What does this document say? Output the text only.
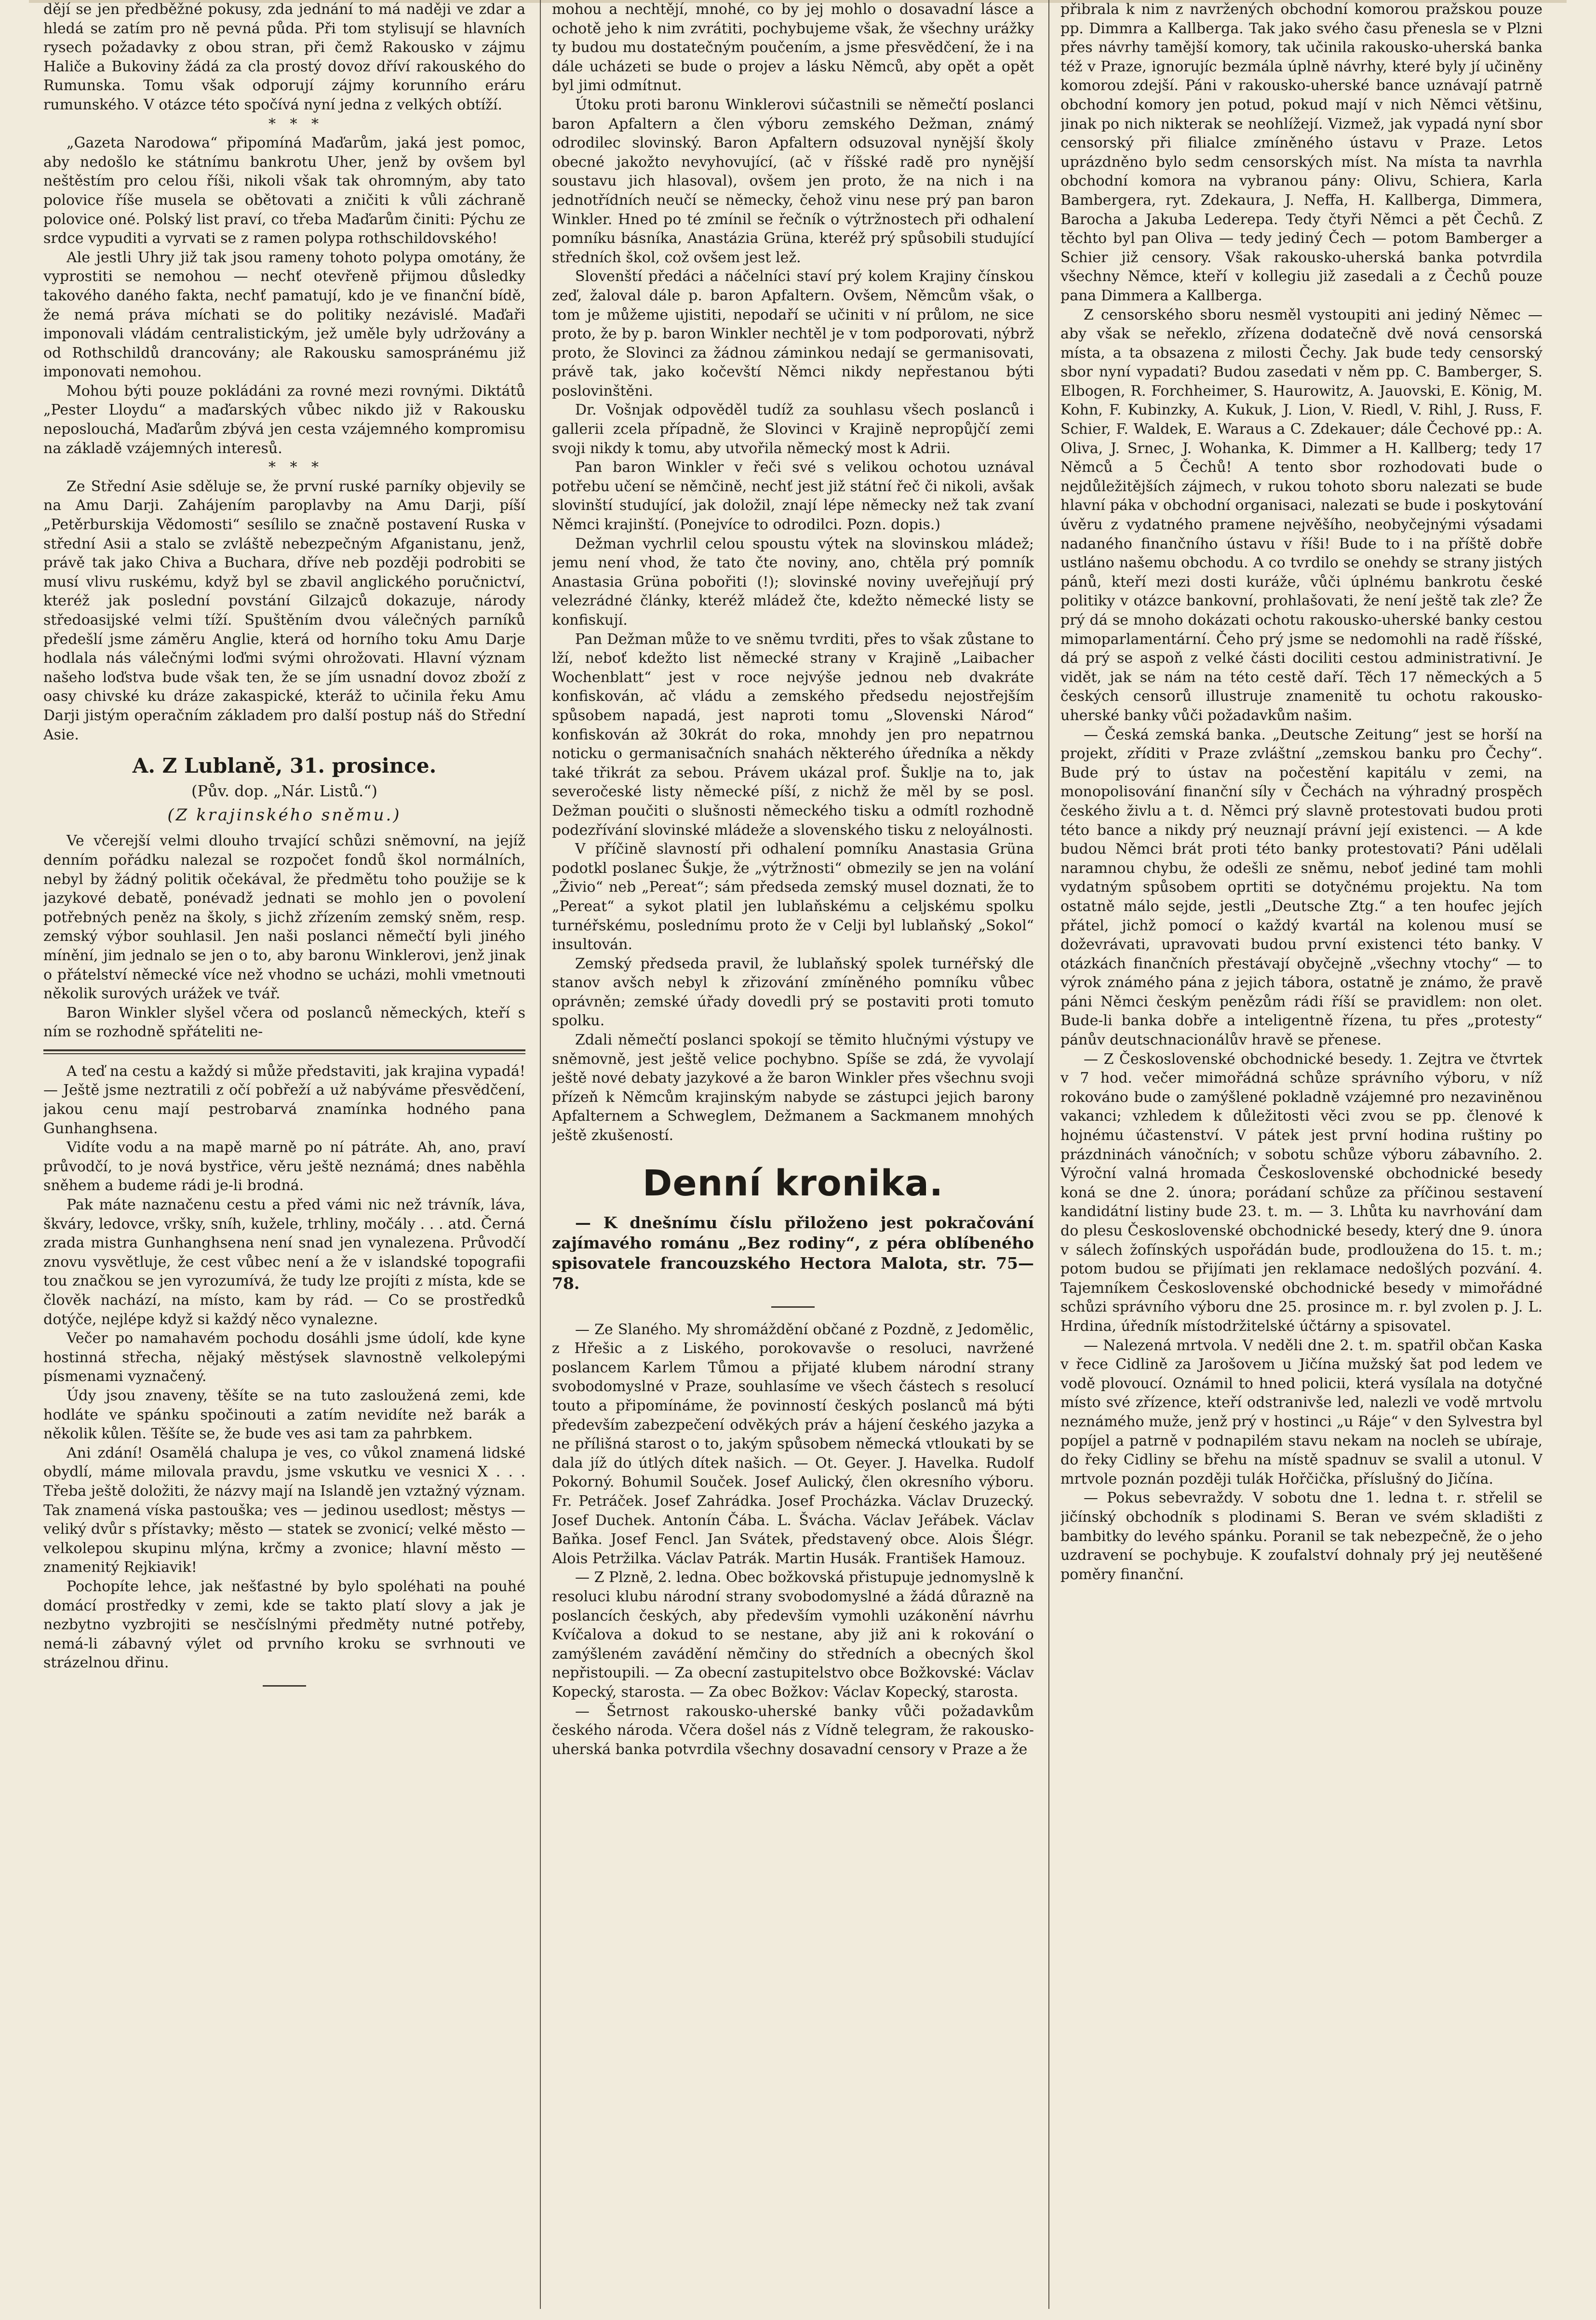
dějí se jen předběžné pokusy, zda jednání to má naději ve zdar a hledá se zatím pro ně pevná půda. Při tom stylisují se hlavních rysech požadavky z obou stran, při čemž Rakousko v zájmu Haliče a Bukoviny žádá za cla prostý dovoz dříví rakouského do Rumunska. Tomu však odporují zájmy korunního eráru rumunského. V otázce této spočívá nyní jedna z velkých obtíží.

* * *

„Gazeta Narodowa“ připomíná Maďarům, jaká jest pomoc, aby nedošlo ke státnímu bankrotu Uher, jenž by ovšem byl neštěstím pro celou říši, nikoli však tak ohromným, aby tato polovice říše musela se obětovati a zničiti k vůli záchraně polovice oné. Polský list praví, co třeba Maďarům činiti: Pýchu ze srdce vypuditi a vyrvati se z ramen polypa rothschildovského!

Ale jestli Uhry již tak jsou rameny tohoto polypa omotány, že vyprostiti se nemohou — nechť otevřeně přijmou důsledky takového daného fakta, nechť pamatují, kdo je ve finanční bídě, že nemá práva míchati se do politiky nezávislé. Maďaři imponovali vládám centralistickým, jež uměle byly udržovány a od Rothschildů drancovány; ale Rakousku samospránému již imponovati nemohou.

Mohou býti pouze pokládáni za rovné mezi rovnými. Diktátů „Pester Lloydu“ a maďarských vůbec nikdo již v Rakousku neposlouchá, Maďarům zbývá jen cesta vzájemného kompromisu na základě vzájemných interesů.

* * *

Ze Střední Asie sděluje se, že první ruské parníky objevily se na Amu Darji. Zahájením paroplavby na Amu Darji, píší „Petěrburskija Vědomosti“ sesílilo se značně postavení Ruska v střední Asii a stalo se zvláště nebezpečným Afganistanu, jenž, právě tak jako Chiva a Buchara, dříve neb později podrobiti se musí vlivu ruskému, když byl se zbavil anglického poručnictví, kteréž jak poslední povstání Gilzajců dokazuje, národy středoasijské velmi tíží. Spuštěním dvou válečných parníků předešlí jsme záměru Anglie, která od horního toku Amu Darje hodlala nás válečnými loďmi svými ohrožovati. Hlavní význam našeho loďstva bude však ten, že se jím usnadní dovoz zboží z oasy chivské ku dráze zakaspické, kteráž to učinila řeku Amu Darji jistým operačním základem pro další postup náš do Střední Asie.

A. Z Lublaně, 31. prosince.
(Pův. dop. „Nár. Listů.“)
(Z krajinského sněmu.)

Ve včerejší velmi dlouho trvající schůzi sněmovní, na jejíž denním pořádku nalezal se rozpočet fondů škol normálních, nebyl by žádný politik očekával, že předmětu toho použije se k jazykové debatě, ponévadž jednati se mohlo jen o povolení potřebných peněz na školy, s jichž zřízením zemský sněm, resp. zemský výbor souhlasil. Jen naši poslanci němečtí byli jiného mínění, jim jednalo se jen o to, aby baronu Winklerovi, jenž jinak o přátelství německé více než vhodno se ucházi, mohli vmetnouti několik surových urážek ve tvář.

Baron Winkler slyšel včera od poslanců německých, kteří s ním se rozhodně spřáteliti ne-

A teď na cestu a každý si může představiti, jak krajina vypadá! — Ještě jsme neztratili z očí pobřeží a už nabýváme přesvědčení, jakou cenu mají pestrobarvá znamínka hodného pana Gunhanghsena.

Vidíte vodu a na mapě marně po ní pátráte. Ah, ano, praví průvodčí, to je nová bystřice, věru ještě neznámá; dnes naběhla sněhem a budeme rádi je-li brodná.

Pak máte naznačenu cestu a před vámi nic než trávník, láva, škváry, ledovce, vršky, sníh, kužele, trhliny, močály . . . atd. Černá zrada mistra Gunhanghsena není snad jen vynalezena. Průvodčí znovu vysvětluje, že cest vůbec není a že v islandské topografii tou značkou se jen vyrozumívá, že tudy lze projíti z místa, kde se člověk nachází, na místo, kam by rád. — Co se prostředků dotýče, nejlépe když si každý něco vynalezne.

Večer po namahavém pochodu dosáhli jsme údolí, kde kyne hostinná střecha, nějaký městýsek slavnostně velkolepými písmenami vyznačený.

Údy jsou znaveny, těšíte se na tuto zasloužená zemi, kde hodláte ve spánku spočinouti a zatím nevidíte než barák a několik kůlen. Těšíte se, že bude ves asi tam za pahrbkem.

Ani zdání! Osamělá chalupa je ves, co vůkol znamená lidské obydlí, máme milovala pravdu, jsme vskutku ve vesnici X . . . Třeba ještě doložiti, že názvy mají na Islandě jen vztažný význam. Tak znamená víska pastouška; ves — jedinou usedlost; městys — veliký dvůr s přístavky; město — statek se zvonicí; velké město — velkolepou skupinu mlýna, krčmy a zvonice; hlavní město — znamenitý Rejkiavik!

Pochopíte lehce, jak nešťastné by bylo spoléhati na pouhé domácí prostředky v zemi, kde se takto platí slovy a jak je nezbytno vyzbrojiti se nesčíslnými předměty nutné potřeby, nemá-li zábavný výlet od prvního kroku se svrhnouti ve strázelnou dřinu.

mohou a nechtějí, mnohé, co by jej mohlo o dosavadní lásce a ochotě jeho k nim zvrátiti, pochybujeme však, že všechny urážky ty budou mu dostatečným poučením, a jsme přesvědčení, že i na dále ucházeti se bude o projev a lásku Němců, aby opět a opět byl jimi odmítnut.

Útoku proti baronu Winklerovi súčastnili se němečtí poslanci baron Apfaltern a člen výboru zemského Dežman, známý odrodilec slovinský. Baron Apfaltern odsuzoval nynější školy obecné jakožto nevyhovující, (ač v říšské radě pro nynější soustavu jich hlasoval), ovšem jen proto, že na nich i na jednotřídních neučí se německy, čehož vinu nese prý pan baron Winkler. Hned po té zmínil se řečník o výtržnostech při odhalení pomníku básníka, Anastázia Grüna, kteréž prý spůsobili studující středních škol, což ovšem jest lež.

Slovenští předáci a náčelníci staví prý kolem Krajiny čínskou zeď, žaloval dále p. baron Apfaltern. Ovšem, Němcům však, o tom je můžeme ujistiti, nepodaří se učiniti v ní průlom, ne sice proto, že by p. baron Winkler nechtěl je v tom podporovati, nýbrž proto, že Slovinci za žádnou záminkou nedají se germanisovati, právě tak, jako kočevští Němci nikdy nepřestanou býti poslovinštěni.

Dr. Vošnjak odpověděl tudíž za souhlasu všech poslanců i gallerii zcela případně, že Slovinci v Krajině nepropůjčí zemi svoji nikdy k tomu, aby utvořila německý most k Adrii.

Pan baron Winkler v řeči své s velikou ochotou uznával potřebu učení se němčině, nechť jest již státní řeč či nikoli, avšak slovinští studující, jak doložil, znají lépe německy než tak zvaní Němci krajinští. (Ponejvíce to odrodilci. Pozn. dopis.)

Dežman vychrlil celou spoustu výtek na slovinskou mládež; jemu není vhod, že tato čte noviny, ano, chtěla prý pomník Anastasia Grüna pobořiti (!); slovinské noviny uveřejňují prý velezrádné články, kteréž mládež čte, kdežto německé listy se konfiskují.

Pan Dežman může to ve sněmu tvrditi, přes to však zůstane to lží, neboť kdežto list německé strany v Krajině „Laibacher Wochenblatt“ jest v roce nejvýše jednou neb dvakráte konfiskován, ač vládu a zemského předsedu nejostřejším spůsobem napadá, jest naproti tomu „Slovenski Národ“ konfiskován až 30krát do roka, mnohdy jen pro nepatrnou noticku o germanisačních snahách některého úředníka a někdy také třikrát za sebou. Právem ukázal prof. Šuklje na to, jak severočeské listy německé píší, z nichž že měl by se posl. Dežman poučiti o slušnosti německého tisku a odmítl rozhodně podezřívání slovinské mládeže a slovenského tisku z neloyálnosti.

V příčině slavností při odhalení pomníku Anastasia Grüna podotkl poslanec Šukje, že „výtržnosti“ obmezily se jen na volání „Živio“ neb „Pereat“; sám předseda zemský musel doznati, že to „Pereat“ a sykot platil jen lublaňskému a celjskému spolku turnéřskému, poslednímu proto že v Celji byl lublaňský „Sokol“ insultován.

Zemský předseda pravil, že lublaňský spolek turnéřský dle stanov avšch nebyl k zřizování zmíněného pomníku vůbec oprávněn; zemské úřady dovedli prý se postaviti proti tomuto spolku.

Zdali němečtí poslanci spokojí se těmito hlučnými výstupy ve sněmovně, jest ještě velice pochybno. Spíše se zdá, že vyvolají ještě nové debaty jazykové a že baron Winkler přes všechnu svoji přízeň k Němcům krajinským nabyde se zástupci jejich barony Apfalternem a Schweglem, Dežmanem a Sackmanem mnohých ještě zkušeností.

Denní kronika.

— K dnešnímu číslu přiloženo jest pokračování zajímavého románu „Bez rodiny“, z péra oblíbeného spisovatele francouzského Hectora Malota, str. 75—78.

— Ze Slaného. My shromáždění občané z Pozdně, z Jedomělic, z Hřešic a z Liského, porokovavše o resoluci, navržené poslancem Karlem Tůmou a přijaté klubem národní strany svobodomyslné v Praze, souhlasíme ve všech částech s resolucí touto a připomínáme, že povinností českých poslanců má býti především zabezpečení odvěkých práv a hájení českého jazyka a ne přílišná starost o to, jakým spůsobem německá vtloukati by se dala jíž do útlých dítek našich. — Ot. Geyer. J. Havelka. Rudolf Pokorný. Bohumil Souček. Josef Aulický, člen okresního výboru. Fr. Petráček. Josef Zahrádka. Josef Procházka. Václav Druzecký. Josef Duchek. Antonín Čába. L. Švácha. Václav Jeřábek. Václav Baňka. Josef Fencl. Jan Svátek, představený obce. Alois Šlégr. Alois Petržilka. Václav Patrák. Martin Husák. František Hamouz.

— Z Plzně, 2. ledna. Obec božkovská přistupuje jednomyslně k resoluci klubu národní strany svobodomyslné a žádá důrazně na poslancích českých, aby především vymohli uzákonění návrhu Kvíčalova a dokud to se nestane, aby již ani k rokování o zamýšleném zavádění němčiny do středních a obecných škol nepřistoupili. — Za obecní zastupitelstvo obce Božkovské: Václav Kopecký, starosta. — Za obec Božkov: Václav Kopecký, starosta.

— Šetrnost rakousko-uherské banky vůči požadavkům českého národa. Včera došel nás z Vídně telegram, že rakousko-uherská banka potvrdila všechny dosavadní censory v Praze a že

přibrala k nim z navržených obchodní komorou pražskou pouze pp. Dimmra a Kallberga. Tak jako svého času přenesla se v Plzni přes návrhy tamější komory, tak učinila rakousko-uherská banka též v Praze, ignorujíc bezmála úplně návrhy, které byly jí učiněny komorou zdejší. Páni v rakousko-uherské bance uznávají patrně obchodní komory jen potud, pokud mají v nich Němci většinu, jinak po nich nikterak se neohlížejí. Vizmež, jak vypadá nyní sbor censorský při filialce zmíněného ústavu v Praze. Letos uprázdněno bylo sedm censorských míst. Na místa ta navrhla obchodní komora na vybranou pány: Olivu, Schiera, Karla Bambergera, ryt. Zdekaura, J. Neffa, H. Kallberga, Dimmera, Barocha a Jakuba Ledereра. Tedy čtyři Němci a pět Čechů. Z těchto byl pan Oliva — tedy jediný Čech — potom Bamberger a Schier již censory. Však rakousko-uherská banka potvrdila všechny Němce, kteří v kollegiu již zasedali a z Čechů pouze pana Dimmera a Kallberga.

Z censorského sboru nesměl vystoupiti ani jediný Němec — aby však se neřeklo, zřízena dodatečně dvě nová censorská místa, a ta obsazena z milosti Čechy. Jak bude tedy censorský sbor nyní vypadati? Budou zasedati v něm pp. C. Bamberger, S. Elbogen, R. Forchheimer, S. Haurowitz, A. Jauovski, E. König, M. Kohn, F. Kubinzky, A. Kukuk, J. Lion, V. Riedl, V. Rihl, J. Russ, F. Schier, F. Waldek, E. Waraus a C. Zdekauer; dále Čechové pp.: A. Oliva, J. Srnec, J. Wohanka, K. Dimmer a H. Kallberg; tedy 17 Němců a 5 Čechů! A tento sbor rozhodovati bude o nejdůležitějších zájmech, v rukou tohoto sboru nalezati se bude hlavní páka v obchodní organisaci, nalezati se bude i poskytování úvěru z vydatného pramene nejvěšího, neobyčejnými výsadami nadaného finančního ústavu v říši! Bude to i na příště dobře ustláno našemu obchodu. A co tvrdilo se onehdy se strany jistých pánů, kteří mezi dosti kuráže, vůči úplnému bankrotu české politiky v otázce bankovní, prohlašovati, že není ještě tak zle? Že prý dá se mnoho dokázati ochotu rakousko-uherské banky cestou mimoparlamentární. Čeho prý jsme se nedomohli na radě říšské, dá prý se aspoň z velké části dociliti cestou administrativní. Je vidět, jak se nám na této cestě daří. Těch 17 německých a 5 českých censorů illustruje znamenitě tu ochotu rakousko-uherské banky vůči požadavkům našim.

— Česká zemská banka. „Deutsche Zeitung“ jest se horší na projekt, zříditi v Praze zvláštní „zemskou banku pro Čechy“. Bude prý to ústav na počestění kapitálu v zemi, na monopolisování finanční síly v Čechách na výhradný prospěch českého živlu a t. d. Němci prý slavně protestovati budou proti této bance a nikdy prý neuznají právní její existenci. — A kde budou Němci brát proti této banky protestovati? Páni udělali naramnou chybu, že odešli ze sněmu, neboť jediné tam mohli vydatným spůsobem oprtiti se dotyčnému projektu. Na tom ostatně málo sejde, jestli „Deutsche Ztg.“ a ten houfec jejích přátel, jichž pomocí o každý kvartál na kolenou musí se doževrávati, upravovati budou první existenci této banky. V otázkách finančních přestávají obyčejně „všechny vtochy“ — to výrok známého pána z jejich tábora, ostatně je známo, že pravě páni Němci českým penězům rádi říší se pravidlem: non olet. Bude-li banka dobře a inteligentně řízena, tu přes „protesty“ pánův deutschnacionálův hravě se přenese.

— Z Československé obchodnické besedy. 1. Zejtra ve čtvrtek v 7 hod. večer mimořádná schůze správního výboru, v níž rokováno bude o zamýšlené pokladně vzájemné pro nezaviněnou vakanci; vzhledem k důležitosti věci zvou se pp. členové k hojnému účastenství. V pátek jest první hodina ruštiny po prázdninách vánočních; v sobotu schůze výboru zábavního. 2. Výroční valná hromada Československé obchodnické besedy koná se dne 2. února; porádaní schůze za příčinou sestavení kandidátní listiny bude 23. t. m. — 3. Lhůta ku navrhování dam do plesu Československé obchodnické besedy, který dne 9. února v sálech žofínských uspořádán bude, prodloužena do 15. t. m.; potom budou se přijímati jen reklamace nedošlých pozvání. 4. Tajemníkem Československé obchodnické besedy v mimořádné schůzi správního výboru dne 25. prosince m. r. byl zvolen p. J. L. Hrdina, úředník místodržitelské účtárny a spisovatel.

— Nalezená mrtvola. V neděli dne 2. t. m. spatřil občan Kaska v řece Cidlině za Jarošovem u Jičína mužský šat pod ledem ve vodě plovoucí. Oznámil to hned policii, která vysílala na dotyčné místo své zřízence, kteří odstranivše led, nalezli ve vodě mrtvolu neznámého muže, jenž prý v hostinci „u Ráje“ v den Sylvestra byl popíjel a patrně v podnapilém stavu nekam na nocleh se ubíraje, do řeky Cidliny se břehu na místě spadnuv se svalil a utonul. V mrtvole poznán později tulák Hořčička, příslušný do Jičína.

— Pokus sebevraždy. V sobotu dne 1. ledna t. r. střelil se jičínský obchodník s plodinami S. Beran ve svém skladišti z bambitky do levého spánku. Poranil se tak nebezpečně, že o jeho uzdravení se pochybuje. K zoufalství dohnaly prý jej neutěšené poměry finanční.
